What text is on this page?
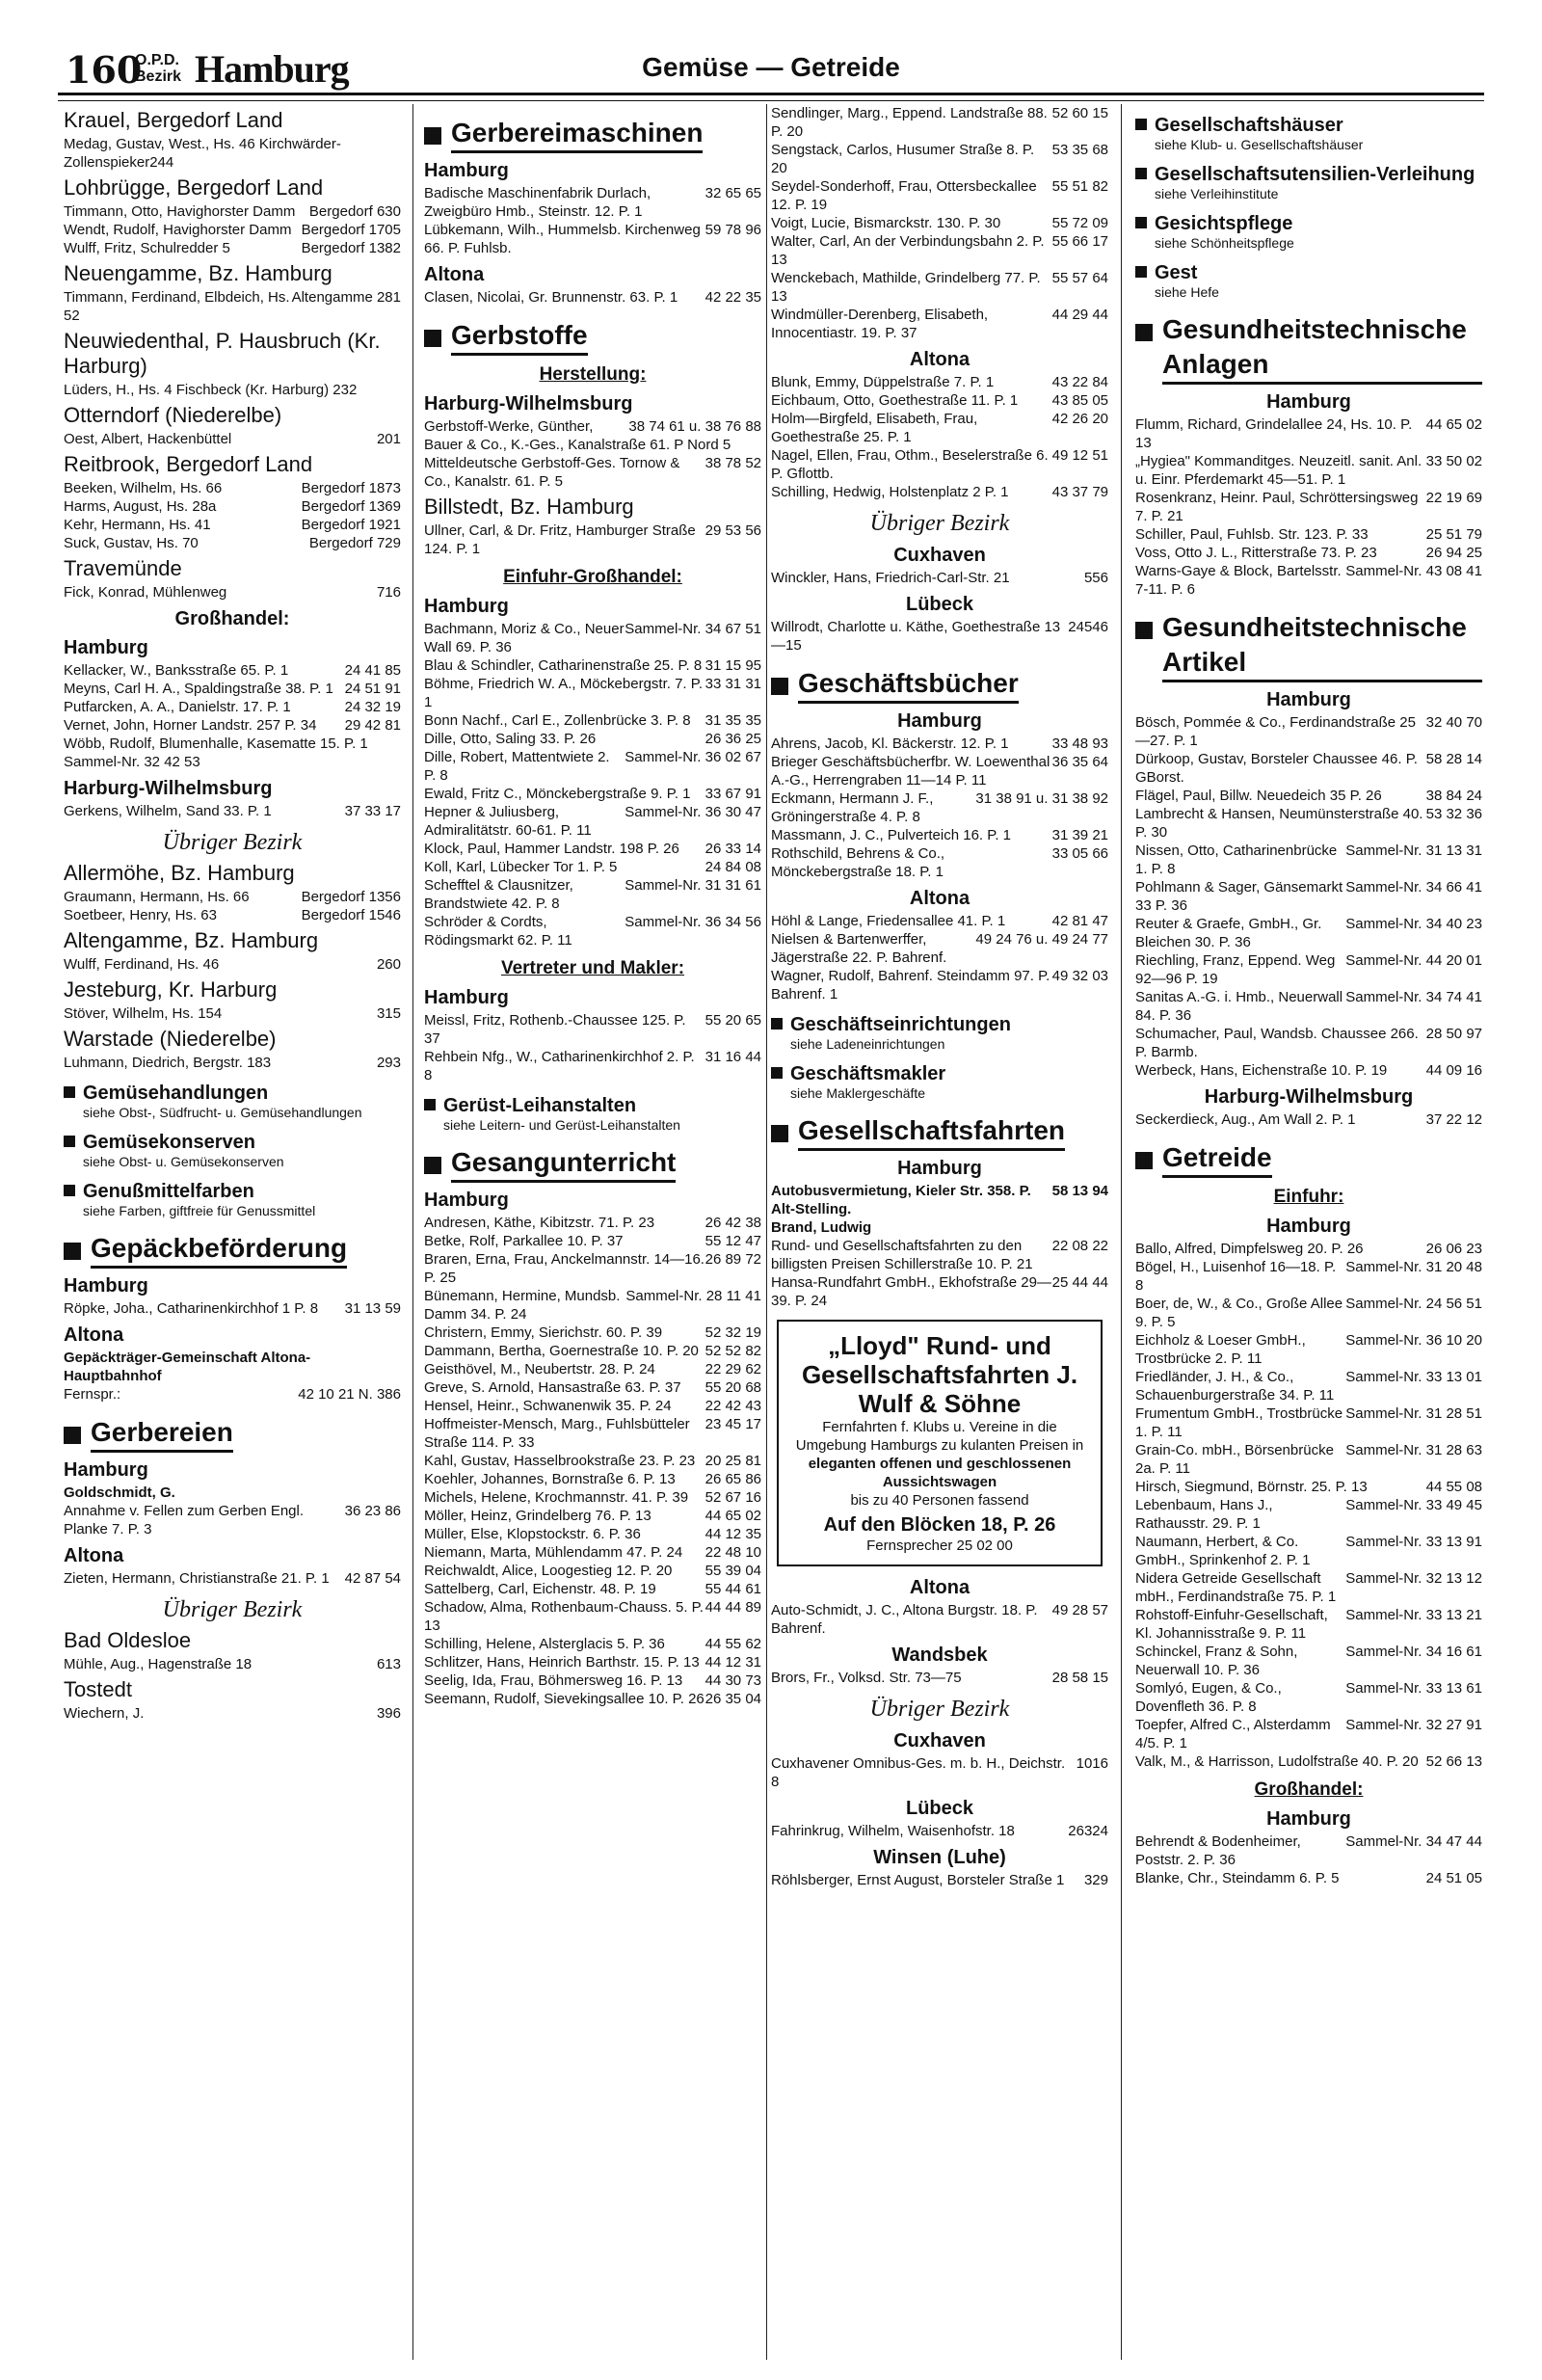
160
O.P.D.
Bezirk Hamburg	Gemüse — Getreide
Krauel, Bergedorf Land

Medag, Gustav, West., Hs. 46 Kirchwärder-Zollenspieker244

Lohbrügge, Bergedorf Land

Bergedorf 630
Timmann, Otto, Havighorster Damm

Bergedorf 1705
Wendt, Rudolf, Havighorster Damm

Bergedorf 1382
Wulff, Fritz, Schulredder 5

Neuengamme, Bz. Hamburg

Altengamme 281
Timmann, Ferdinand, Elbdeich, Hs. 52

Neuwiedenthal, P. Hausbruch (Kr. Harburg)

Lüders, H., Hs. 4 Fischbeck (Kr. Harburg) 232

Otterndorf (Niederelbe)

201
Oest, Albert, Hackenbüttel

Reitbrook, Bergedorf Land

Bergedorf 1873
Beeken, Wilhelm, Hs. 66

Bergedorf 1369
Harms, August, Hs. 28a

Bergedorf 1921
Kehr, Hermann, Hs. 41

Bergedorf 729
Suck, Gustav, Hs. 70

Travemünde

716
Fick, Konrad, Mühlenweg

Großhandel:
Hamburg

24 41 85
Kellacker, W., Banksstraße 65. P. 1

24 51 91
Meyns, Carl H. A., Spaldingstraße 38. P. 1

24 32 19
Putfarcken, A. A., Danielstr. 17. P. 1

29 42 81
Vernet, John, Horner Landstr. 257 P. 34

Wöbb, Rudolf, Blumenhalle, Kasematte 15. P. 1 Sammel-Nr. 32 42 53

Harburg-Wilhelmsburg

37 33 17
Gerkens, Wilhelm, Sand 33. P. 1

Übriger Bezirk
Allermöhe, Bz. Hamburg

Bergedorf 1356
Graumann, Hermann, Hs. 66

Bergedorf 1546
Soetbeer, Henry, Hs. 63

Altengamme, Bz. Hamburg

260
Wulff, Ferdinand, Hs. 46

Jesteburg, Kr. Harburg

315
Stöver, Wilhelm, Hs. 154

Warstade (Niederelbe)

293
Luhmann, Diedrich, Bergstr. 183

Gemüsehandlungen
siehe Obst-, Südfrucht- u. Gemüsehandlungen
Gemüsekonserven
siehe Obst- u. Gemüsekonserven
Genußmittelfarben
siehe Farben, giftfreie für Genussmittel
Gepäckbeförderung
Hamburg

31 13 59
Röpke, Joha., Catharinenkirchhof 1 P. 8

Altona

Gepäckträger-Gemeinschaft Altona-Hauptbahnhof

42 10 21 N. 386
Fernspr.:

Gerbereien
Hamburg

Goldschmidt, G.

36 23 86
Annahme v. Fellen zum Gerben Engl. Planke 7. P. 3

Altona

42 87 54
Zieten, Hermann, Christianstraße 21. P. 1

Übriger Bezirk
Bad Oldesloe

613
Mühle, Aug., Hagenstraße 18

Tostedt

396
Wiechern, J.

Gerbereimaschinen
Hamburg

32 65 65
Badische Maschinenfabrik Durlach, Zweigbüro Hmb., Steinstr. 12. P. 1

59 78 96
Lübkemann, Wilh., Hummelsb. Kirchenweg 66. P. Fuhlsb.

Altona

42 22 35
Clasen, Nicolai, Gr. Brunnenstr. 63. P. 1

Gerbstoffe
Herstellung:
Harburg-Wilhelmsburg

38 74 61 u. 38 76 88
Gerbstoff-Werke, Günther, Bauer & Co., K.-Ges., Kanalstraße 61. P Nord 5

38 78 52
Mitteldeutsche Gerbstoff-Ges. Tornow & Co., Kanalstr. 61. P. 5

Billstedt, Bz. Hamburg

29 53 56
Ullner, Carl, & Dr. Fritz, Hamburger Straße 124. P. 1

Einfuhr-Großhandel:
Hamburg

Sammel-Nr. 34 67 51
Bachmann, Moriz & Co., Neuer Wall 69. P. 36

31 15 95
Blau & Schindler, Catharinenstraße 25. P. 8

33 31 31
Böhme, Friedrich W. A., Möckebergstr. 7. P. 1

31 35 35
Bonn Nachf., Carl E., Zollenbrücke 3. P. 8

26 36 25
Dille, Otto, Saling 33. P. 26

Sammel-Nr. 36 02 67
Dille, Robert, Mattentwiete 2. P. 8

33 67 91
Ewald, Fritz C., Mönckebergstraße 9. P. 1

Sammel-Nr. 36 30 47
Hepner & Juliusberg, Admiralitätstr. 60-61. P. 11

26 33 14
Klock, Paul, Hammer Landstr. 198 P. 26

24 84 08
Koll, Karl, Lübecker Tor 1. P. 5

Sammel-Nr. 31 31 61
Schefftel & Clausnitzer, Brandstwiete 42. P. 8

Sammel-Nr. 36 34 56
Schröder & Cordts, Rödingsmarkt 62. P. 11

Vertreter und Makler:
Hamburg

55 20 65
Meissl, Fritz, Rothenb.-Chaussee 125. P. 37

31 16 44
Rehbein Nfg., W., Catharinenkirchhof 2. P. 8

Gerüst-Leihanstalten
siehe Leitern- und Gerüst-Leihanstalten
Gesangunterricht
Hamburg

26 42 38
Andresen, Käthe, Kibitzstr. 71. P. 23

55 12 47
Betke, Rolf, Parkallee 10. P. 37

26 89 72
Braren, Erna, Frau, Anckelmannstr. 14—16. P. 25

Sammel-Nr. 28 11 41
Bünemann, Hermine, Mundsb. Damm 34. P. 24

52 32 19
Christern, Emmy, Sierichstr. 60. P. 39

52 52 82
Dammann, Bertha, Goernestraße 10. P. 20

22 29 62
Geisthövel, M., Neubertstr. 28. P. 24

55 20 68
Greve, S. Arnold, Hansastraße 63. P. 37

22 42 43
Hensel, Heinr., Schwanenwik 35. P. 24

23 45 17
Hoffmeister-Mensch, Marg., Fuhlsbütteler Straße 114. P. 33

20 25 81
Kahl, Gustav, Hasselbrookstraße 23. P. 23

26 65 86
Koehler, Johannes, Bornstraße 6. P. 13

52 67 16
Michels, Helene, Krochmannstr. 41. P. 39

44 65 02
Möller, Heinz, Grindelberg 76. P. 13

44 12 35
Müller, Else, Klopstockstr. 6. P. 36

22 48 10
Niemann, Marta, Mühlendamm 47. P. 24

55 39 04
Reichwaldt, Alice, Loogestieg 12. P. 20

55 44 61
Sattelberg, Carl, Eichenstr. 48. P. 19

44 44 89
Schadow, Alma, Rothenbaum-Chauss. 5. P. 13

44 55 62
Schilling, Helene, Alsterglacis 5. P. 36

44 12 31
Schlitzer, Hans, Heinrich Barthstr. 15. P. 13

44 30 73
Seelig, Ida, Frau, Böhmersweg 16. P. 13

26 35 04
Seemann, Rudolf, Sievekingsallee 10. P. 26

52 60 15
Sendlinger, Marg., Eppend. Landstraße 88. P. 20

53 35 68
Sengstack, Carlos, Husumer Straße 8. P. 20

55 51 82
Seydel-Sonderhoff, Frau, Ottersbeckallee 12. P. 19

55 72 09
Voigt, Lucie, Bismarckstr. 130. P. 30

55 66 17
Walter, Carl, An der Verbindungsbahn 2. P. 13

55 57 64
Wenckebach, Mathilde, Grindelberg 77. P. 13

44 29 44
Windmüller-Derenberg, Elisabeth, Innocentiastr. 19. P. 37

Altona

43 22 84
Blunk, Emmy, Düppelstraße 7. P. 1

43 85 05
Eichbaum, Otto, Goethestraße 11. P. 1

42 26 20
Holm—Birgfeld, Elisabeth, Frau, Goethestraße 25. P. 1

49 12 51
Nagel, Ellen, Frau, Othm., Beselerstraße 6. P. Gflottb.

43 37 79
Schilling, Hedwig, Holstenplatz 2 P. 1

Übriger Bezirk
Cuxhaven

556
Winckler, Hans, Friedrich-Carl-Str. 21

Lübeck

24546
Willrodt, Charlotte u. Käthe, Goethestraße 13—15

Geschäftsbücher
Hamburg

33 48 93
Ahrens, Jacob, Kl. Bäckerstr. 12. P. 1

36 35 64
Brieger Geschäftsbücherfbr. W. Loewenthal A.-G., Herrengraben 11—14 P. 11

31 38 91 u. 31 38 92
Eckmann, Hermann J. F., Gröningerstraße 4. P. 8

31 39 21
Massmann, J. C., Pulverteich 16. P. 1

33 05 66
Rothschild, Behrens & Co., Mönckebergstraße 18. P. 1

Altona

42 81 47
Höhl & Lange, Friedensallee 41. P. 1

49 24 76 u. 49 24 77
Nielsen & Bartenwerffer, Jägerstraße 22. P. Bahrenf.

49 32 03
Wagner, Rudolf, Bahrenf. Steindamm 97. P. Bahrenf. 1

Geschäftseinrichtungen
siehe Ladeneinrichtungen
Geschäftsmakler
siehe Maklergeschäfte
Gesellschaftsfahrten
Hamburg

58 13 94
Autobusvermietung, Kieler Str. 358. P. Alt-Stelling.

Brand, Ludwig

22 08 22
Rund- und Gesellschaftsfahrten zu den billigsten Preisen Schillerstraße 10. P. 21

25 44 44
Hansa-Rundfahrt GmbH., Ekhofstraße 29—39. P. 24

„Lloyd" Rund- und Gesellschaftsfahrten J. Wulf & Söhne
Fernfahrten f. Klubs u. Vereine in die Umgebung Hamburgs zu kulanten Preisen in
eleganten offenen und geschlossenen Aussichtswagen
bis zu 40 Personen fassend
Auf den Blöcken 18, P. 26
Fernsprecher 25 02 00
Altona

49 28 57
Auto-Schmidt, J. C., Altona Burgstr. 18. P. Bahrenf.

Wandsbek

28 58 15
Brors, Fr., Volksd. Str. 73—75

Übriger Bezirk
Cuxhaven

1016
Cuxhavener Omnibus-Ges. m. b. H., Deichstr. 8

Lübeck

26324
Fahrinkrug, Wilhelm, Waisenhofstr. 18

Winsen (Luhe)

329
Röhlsberger, Ernst August, Borsteler Straße 1

Gesellschaftshäuser
siehe Klub- u. Gesellschaftshäuser
Gesellschaftsutensilien-Verleihung
siehe Verleihinstitute
Gesichtspflege
siehe Schönheitspflege
Gest
siehe Hefe
Gesundheitstechnische Anlagen
Hamburg

44 65 02
Flumm, Richard, Grindelallee 24, Hs. 10. P. 13

33 50 02
„Hygiea" Kommanditges. Neuzeitl. sanit. Anl. u. Einr. Pferdemarkt 45—51. P. 1

22 19 69
Rosenkranz, Heinr. Paul, Schröttersingsweg 7. P. 21

25 51 79
Schiller, Paul, Fuhlsb. Str. 123. P. 33

26 94 25
Voss, Otto J. L., Ritterstraße 73. P. 23

Sammel-Nr. 43 08 41
Warns-Gaye & Block, Bartelsstr. 7-11. P. 6

Gesundheitstechnische Artikel
Hamburg

32 40 70
Bösch, Pommée & Co., Ferdinandstraße 25—27. P. 1

58 28 14
Dürkoop, Gustav, Borsteler Chaussee 46. P. GBorst.

38 84 24
Flägel, Paul, Billw. Neuedeich 35 P. 26

53 32 36
Lambrecht & Hansen, Neumünsterstraße 40. P. 30

Sammel-Nr. 31 13 31
Nissen, Otto, Catharinenbrücke 1. P. 8

Sammel-Nr. 34 66 41
Pohlmann & Sager, Gänsemarkt 33 P. 36

Sammel-Nr. 34 40 23
Reuter & Graefe, GmbH., Gr. Bleichen 30. P. 36

Sammel-Nr. 44 20 01
Riechling, Franz, Eppend. Weg 92—96 P. 19

Sammel-Nr. 34 74 41
Sanitas A.-G. i. Hmb., Neuerwall 84. P. 36

28 50 97
Schumacher, Paul, Wandsb. Chaussee 266. P. Barmb.

44 09 16
Werbeck, Hans, Eichenstraße 10. P. 19

Harburg-Wilhelmsburg

37 22 12
Seckerdieck, Aug., Am Wall 2. P. 1

Getreide
Einfuhr:
Hamburg

26 06 23
Ballo, Alfred, Dimpfelsweg 20. P. 26

Sammel-Nr. 31 20 48
Bögel, H., Luisenhof 16—18. P. 8

Sammel-Nr. 24 56 51
Boer, de, W., & Co., Große Allee 9. P. 5

Sammel-Nr. 36 10 20
Eichholz & Loeser GmbH., Trostbrücke 2. P. 11

Sammel-Nr. 33 13 01
Friedländer, J. H., & Co., Schauenburgerstraße 34. P. 11

Sammel-Nr. 31 28 51
Frumentum GmbH., Trostbrücke 1. P. 11

Sammel-Nr. 31 28 63
Grain-Co. mbH., Börsenbrücke 2a. P. 11

44 55 08
Hirsch, Siegmund, Börnstr. 25. P. 13

Sammel-Nr. 33 49 45
Lebenbaum, Hans J., Rathausstr. 29. P. 1

Sammel-Nr. 33 13 91
Naumann, Herbert, & Co. GmbH., Sprinkenhof 2. P. 1

Sammel-Nr. 32 13 12
Nidera Getreide Gesellschaft mbH., Ferdinandstraße 75. P. 1

Sammel-Nr. 33 13 21
Rohstoff-Einfuhr-Gesellschaft, Kl. Johannisstraße 9. P. 11

Sammel-Nr. 34 16 61
Schinckel, Franz & Sohn, Neuerwall 10. P. 36

Sammel-Nr. 33 13 61
Somlyó, Eugen, & Co., Dovenfleth 36. P. 8

Sammel-Nr. 32 27 91
Toepfer, Alfred C., Alsterdamm 4/5. P. 1

52 66 13
Valk, M., & Harrisson, Ludolfstraße 40. P. 20

Großhandel:
Hamburg

Sammel-Nr. 34 47 44
Behrendt & Bodenheimer, Poststr. 2. P. 36

24 51 05
Blanke, Chr., Steindamm 6. P. 5
